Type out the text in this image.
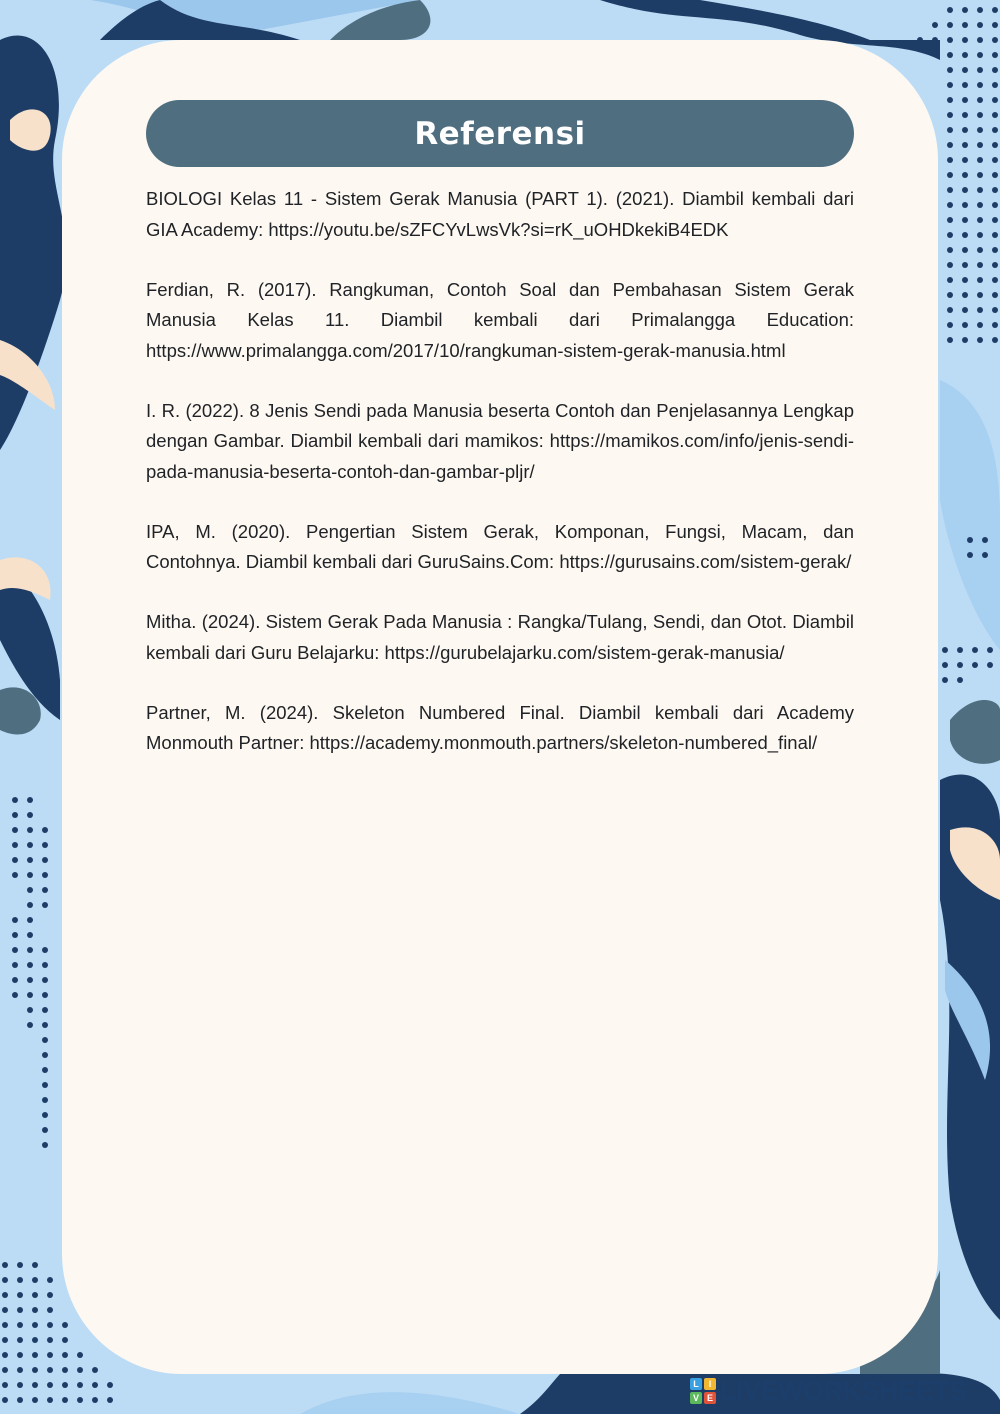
Referensi

BIOLOGI Kelas 11 - Sistem Gerak Manusia (PART 1). (2021). Diambil kembali dari GIA Academy: https://youtu.be/sZFCYvLwsVk?si=rK_uOHDkekiB4EDK

Ferdian, R. (2017). Rangkuman, Contoh Soal dan Pembahasan Sistem Gerak Manusia Kelas 11. Diambil kembali dari Primalangga Education: https://www.primalangga.com/2017/10/rangkuman-sistem-gerak-manusia.html

I. R. (2022). 8 Jenis Sendi pada Manusia beserta Contoh dan Penjelasannya Lengkap dengan Gambar. Diambil kembali dari mamikos: https://mamikos.com/info/jenis-sendi-pada-manusia-beserta-contoh-dan-gambar-pljr/

IPA, M. (2020). Pengertian Sistem Gerak, Komponan, Fungsi, Macam, dan Contohnya. Diambil kembali dari GuruSains.Com: https://gurusains.com/sistem-gerak/

Mitha. (2024). Sistem Gerak Pada Manusia : Rangka/Tulang, Sendi, dan Otot. Diambil kembali dari Guru Belajarku: https://gurubelajarku.com/sistem-gerak-manusia/

Partner, M. (2024). Skeleton Numbered Final. Diambil kembali dari Academy Monmouth Partner: https://academy.monmouth.partners/skeleton-numbered_final/

L	I
V E LIVEWORKSHEETS
